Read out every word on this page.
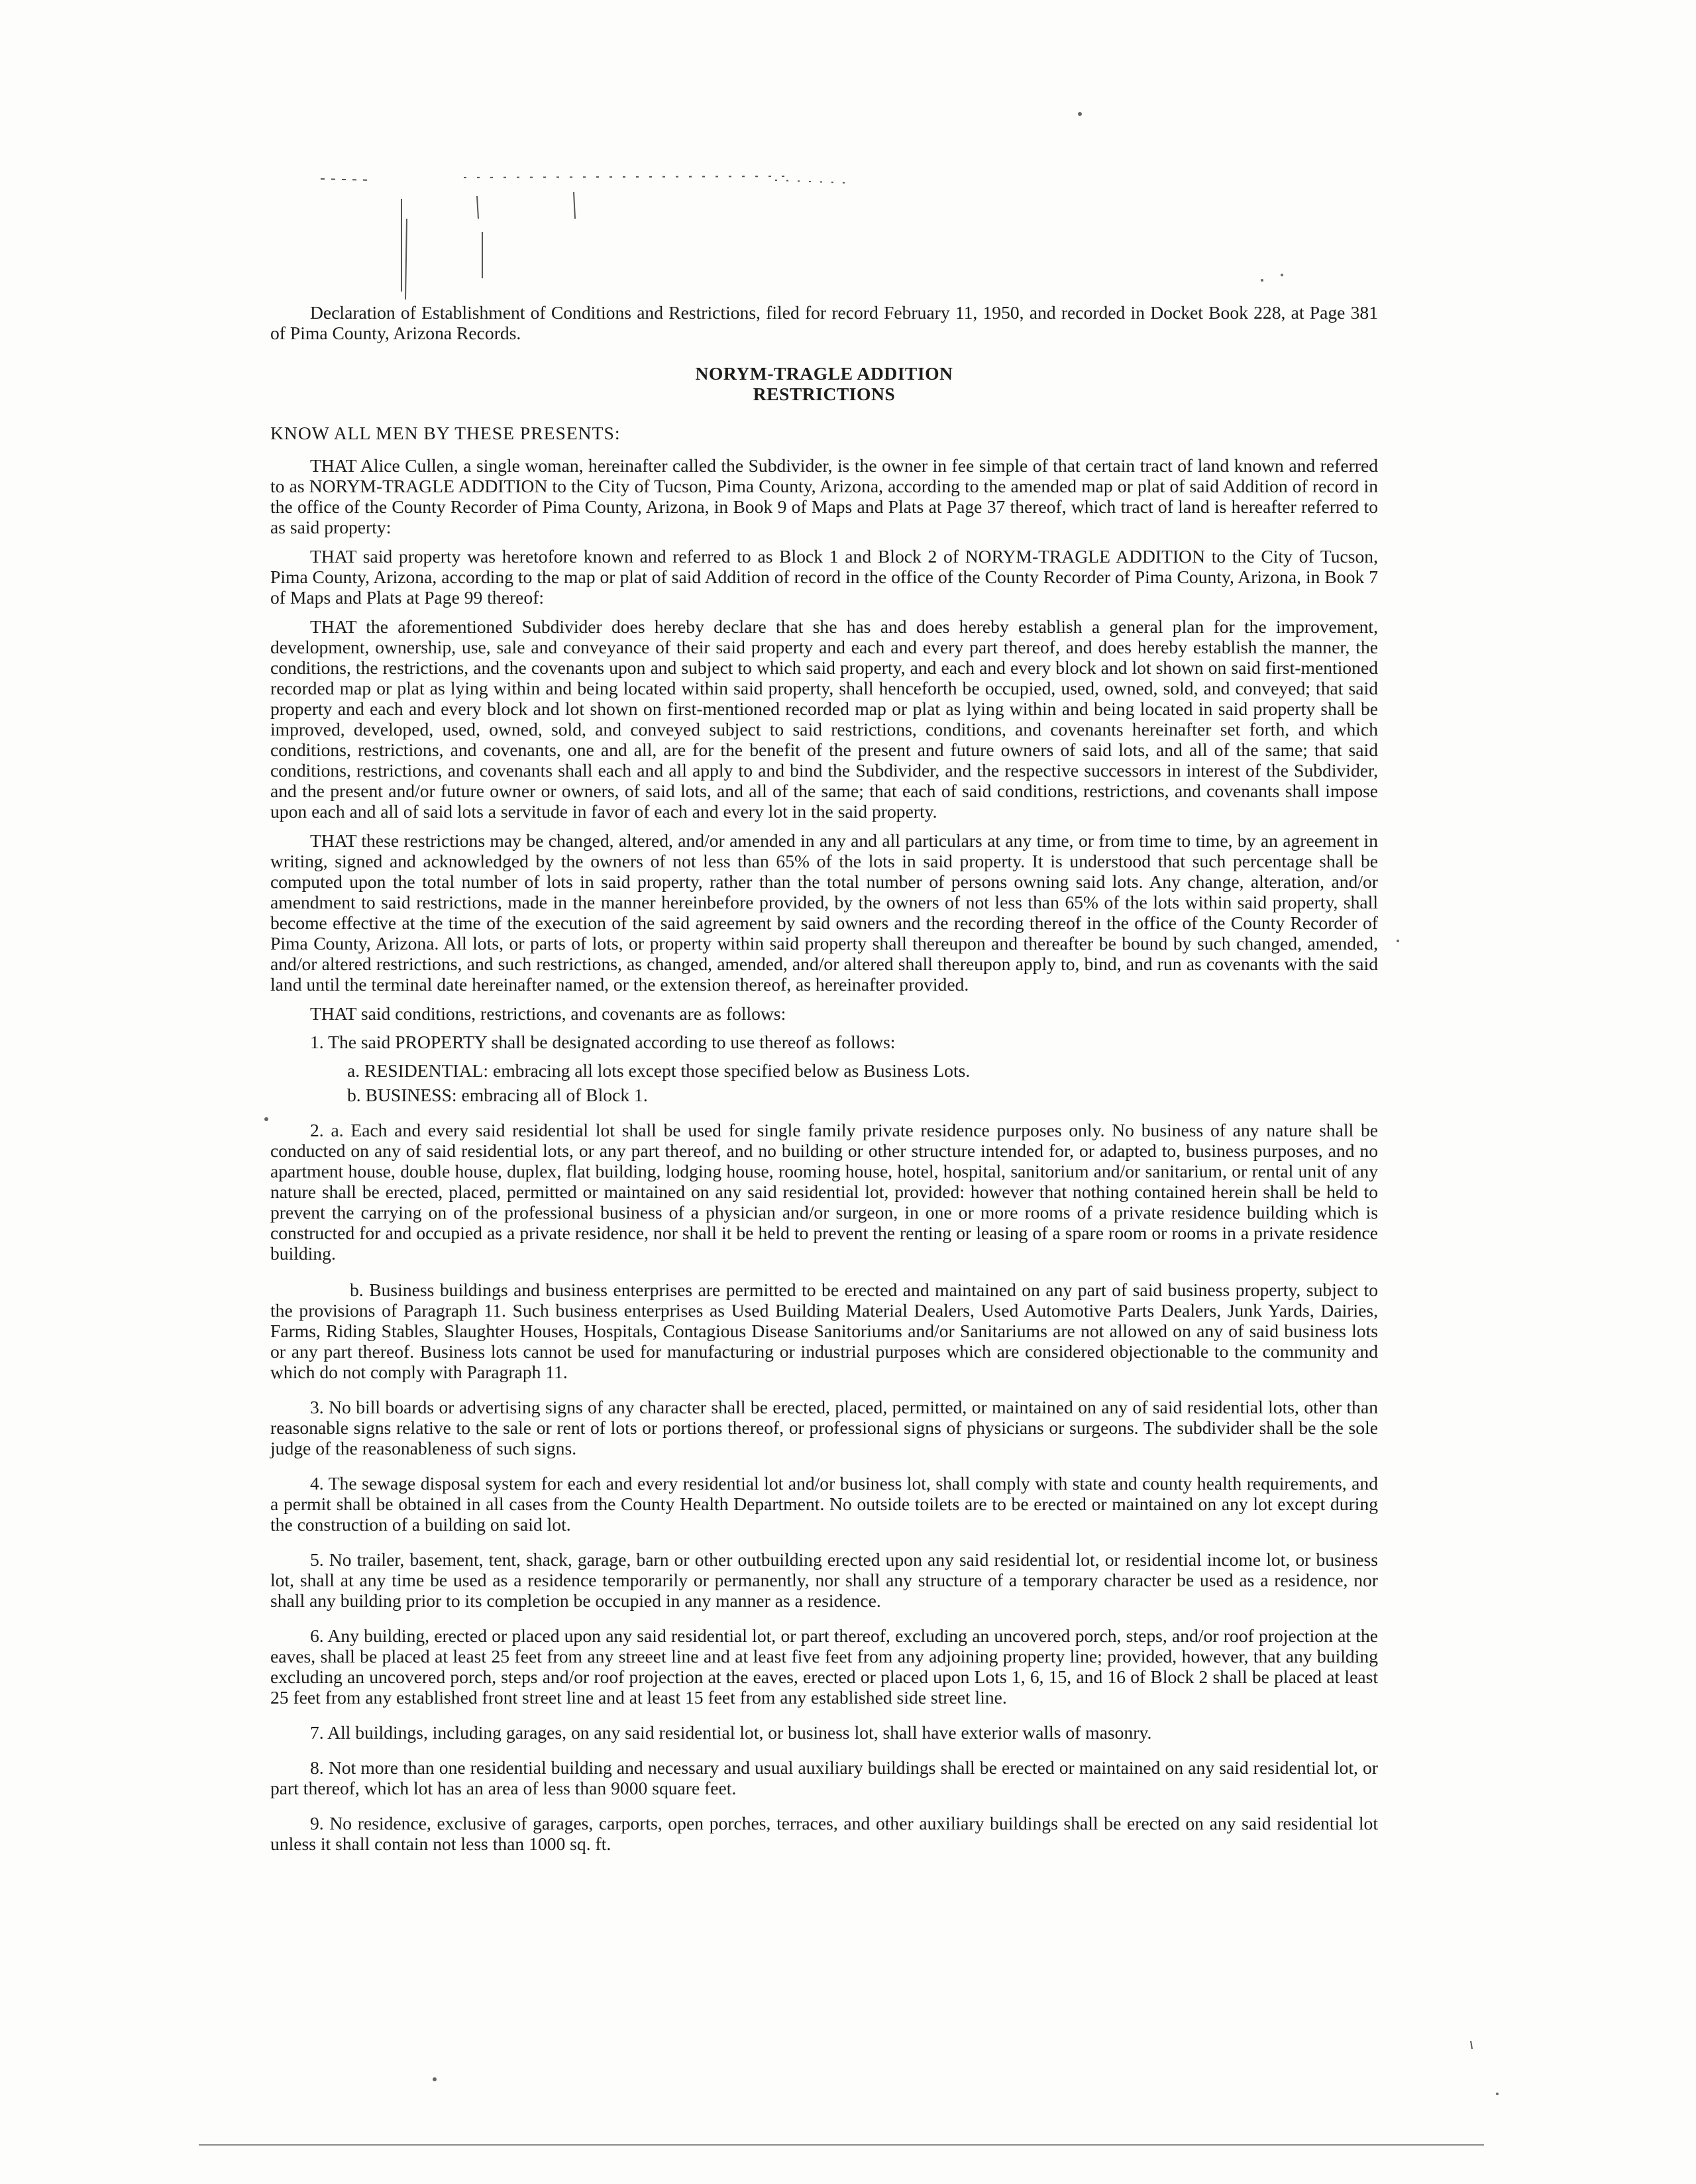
Declaration of Establishment of Conditions and Restrictions, filed for record February 11, 1950, and recorded in Docket Book 228, at Page 381 of Pima County, Arizona Records.

NORYM-TRAGLE ADDITION

RESTRICTIONS

KNOW ALL MEN BY THESE PRESENTS:

THAT Alice Cullen, a single woman, hereinafter called the Subdivider, is the owner in fee simple of that certain tract of land known and referred to as NORYM-TRAGLE ADDITION to the City of Tucson, Pima County, Arizona, according to the amended map or plat of said Addition of record in the office of the County Recorder of Pima County, Arizona, in Book 9 of Maps and Plats at Page 37 thereof, which tract of land is hereafter referred to as said property:

THAT said property was heretofore known and referred to as Block 1 and Block 2 of NORYM-TRAGLE ADDITION to the City of Tucson, Pima County, Arizona, according to the map or plat of said Addition of record in the office of the County Recorder of Pima County, Arizona, in Book 7 of Maps and Plats at Page 99 thereof:

THAT the aforementioned Subdivider does hereby declare that she has and does hereby establish a general plan for the improvement, development, ownership, use, sale and conveyance of their said property and each and every part thereof, and does hereby establish the manner, the conditions, the restrictions, and the covenants upon and subject to which said property, and each and every block and lot shown on said first-mentioned recorded map or plat as lying within and being located within said property, shall henceforth be occupied, used, owned, sold, and conveyed; that said property and each and every block and lot shown on first-mentioned recorded map or plat as lying within and being located in said property shall be improved, developed, used, owned, sold, and conveyed subject to said restrictions, conditions, and covenants hereinafter set forth, and which conditions, restrictions, and covenants, one and all, are for the benefit of the present and future owners of said lots, and all of the same; that said conditions, restrictions, and covenants shall each and all apply to and bind the Subdivider, and the respective successors in interest of the Subdivider, and the present and/or future owner or owners, of said lots, and all of the same; that each of said conditions, restrictions, and covenants shall impose upon each and all of said lots a servitude in favor of each and every lot in the said property.

THAT these restrictions may be changed, altered, and/or amended in any and all particulars at any time, or from time to time, by an agreement in writing, signed and acknowledged by the owners of not less than 65% of the lots in said property. It is understood that such percentage shall be computed upon the total number of lots in said property, rather than the total number of persons owning said lots. Any change, alteration, and/or amendment to said restrictions, made in the manner hereinbefore provided, by the owners of not less than 65% of the lots within said property, shall become effective at the time of the execution of the said agreement by said owners and the recording thereof in the office of the County Recorder of Pima County, Arizona. All lots, or parts of lots, or property within said property shall thereupon and thereafter be bound by such changed, amended, and/or altered restrictions, and such restrictions, as changed, amended, and/or altered shall thereupon apply to, bind, and run as covenants with the said land until the terminal date hereinafter named, or the extension thereof, as hereinafter provided.

THAT said conditions, restrictions, and covenants are as follows:

1. The said PROPERTY shall be designated according to use thereof as follows:

a. RESIDENTIAL: embracing all lots except those specified below as Business Lots.

b. BUSINESS: embracing all of Block 1.

2. a. Each and every said residential lot shall be used for single family private residence purposes only. No business of any nature shall be conducted on any of said residential lots, or any part thereof, and no building or other structure intended for, or adapted to, business purposes, and no apartment house, double house, duplex, flat building, lodging house, rooming house, hotel, hospital, sanitorium and/or sanitarium, or rental unit of any nature shall be erected, placed, permitted or maintained on any said residential lot, provided: however that nothing contained herein shall be held to prevent the carrying on of the professional business of a physician and/or surgeon, in one or more rooms of a private residence building which is constructed for and occupied as a private residence, nor shall it be held to prevent the renting or leasing of a spare room or rooms in a private residence building.

b. Business buildings and business enterprises are permitted to be erected and maintained on any part of said business property, subject to the provisions of Paragraph 11. Such business enterprises as Used Building Material Dealers, Used Automotive Parts Dealers, Junk Yards, Dairies, Farms, Riding Stables, Slaughter Houses, Hospitals, Contagious Disease Sanitoriums and/or Sanitariums are not allowed on any of said business lots or any part thereof. Business lots cannot be used for manufacturing or industrial purposes which are considered objectionable to the community and which do not comply with Paragraph 11.

3. No bill boards or advertising signs of any character shall be erected, placed, permitted, or maintained on any of said residential lots, other than reasonable signs relative to the sale or rent of lots or portions thereof, or professional signs of physicians or surgeons. The subdivider shall be the sole judge of the reasonableness of such signs.

4. The sewage disposal system for each and every residential lot and/or business lot, shall comply with state and county health requirements, and a permit shall be obtained in all cases from the County Health Department. No outside toilets are to be erected or maintained on any lot except during the construction of a building on said lot.

5. No trailer, basement, tent, shack, garage, barn or other outbuilding erected upon any said residential lot, or residential income lot, or business lot, shall at any time be used as a residence temporarily or permanently, nor shall any structure of a temporary character be used as a residence, nor shall any building prior to its completion be occupied in any manner as a residence.

6. Any building, erected or placed upon any said residential lot, or part thereof, excluding an uncovered porch, steps, and/or roof projection at the eaves, shall be placed at least 25 feet from any streeet line and at least five feet from any adjoining property line; provided, however, that any building excluding an uncovered porch, steps and/or roof projection at the eaves, erected or placed upon Lots 1, 6, 15, and 16 of Block 2 shall be placed at least 25 feet from any established front street line and at least 15 feet from any established side street line.

7. All buildings, including garages, on any said residential lot, or business lot, shall have exterior walls of masonry.

8. Not more than one residential building and necessary and usual auxiliary buildings shall be erected or maintained on any said residential lot, or part thereof, which lot has an area of less than 9000 square feet.

9. No residence, exclusive of garages, carports, open porches, terraces, and other auxiliary buildings shall be erected on any said residential lot unless it shall contain not less than 1000 sq. ft.
